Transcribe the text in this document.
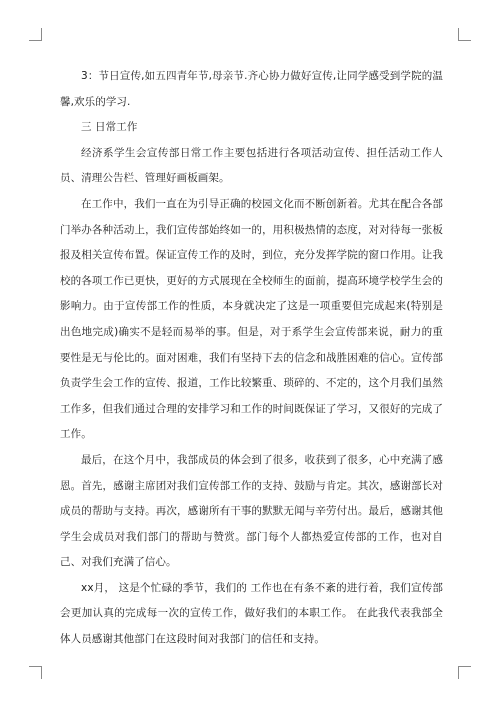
3：节日宣传,如五四青年节,母亲节.齐心协力做好宣传,让同学感受到学院的温馨,欢乐的学习.

三 日常工作

经济系学生会宣传部日常工作主要包括进行各项活动宣传、担任活动工作人员、清理公告栏、管理好画板画架。

在工作中，我们一直在为引导正确的校园文化而不断创新着。尤其在配合各部门举办各种活动上，我们宣传部始终如一的，用积极热情的态度，对对待每一张板报及相关宣传布置。保证宣传工作的及时，到位，充分发挥学院的窗口作用。让我校的各项工作已更快，更好的方式展现在全校师生的面前，提高环境学校学生会的影响力。由于宣传部工作的性质，本身就决定了这是一项重要但完成起来(特别是出色地完成)确实不是轻而易举的事。但是，对于系学生会宣传部来说，耐力的重要性是无与伦比的。面对困难，我们有坚持下去的信念和战胜困难的信心。宣传部负责学生会工作的宣传、报道，工作比较繁重、琐碎的、不定的，这个月我们虽然工作多，但我们通过合理的安排学习和工作的时间既保证了学习，又很好的完成了工作。

最后，在这个月中，我部成员的体会到了很多，收获到了很多，心中充满了感恩。首先，感谢主席团对我们宣传部工作的支持、鼓励与肯定。其次，感谢部长对成员的帮助与支持。再次，感谢所有干事的默默无闻与辛劳付出。最后，感谢其他学生会成员对我们部门的帮助与赞赏。部门每个人都热爱宣传部的工作，也对自己、对我们充满了信心。

xx月， 这是个忙碌的季节，我们的 工作也在有条不紊的进行着，我们宣传部会更加认真的完成每一次的宣传工作，做好我们的本职工作。 在此我代表我部全体人员感谢其他部门在这段时间对我部门的信任和支持。
